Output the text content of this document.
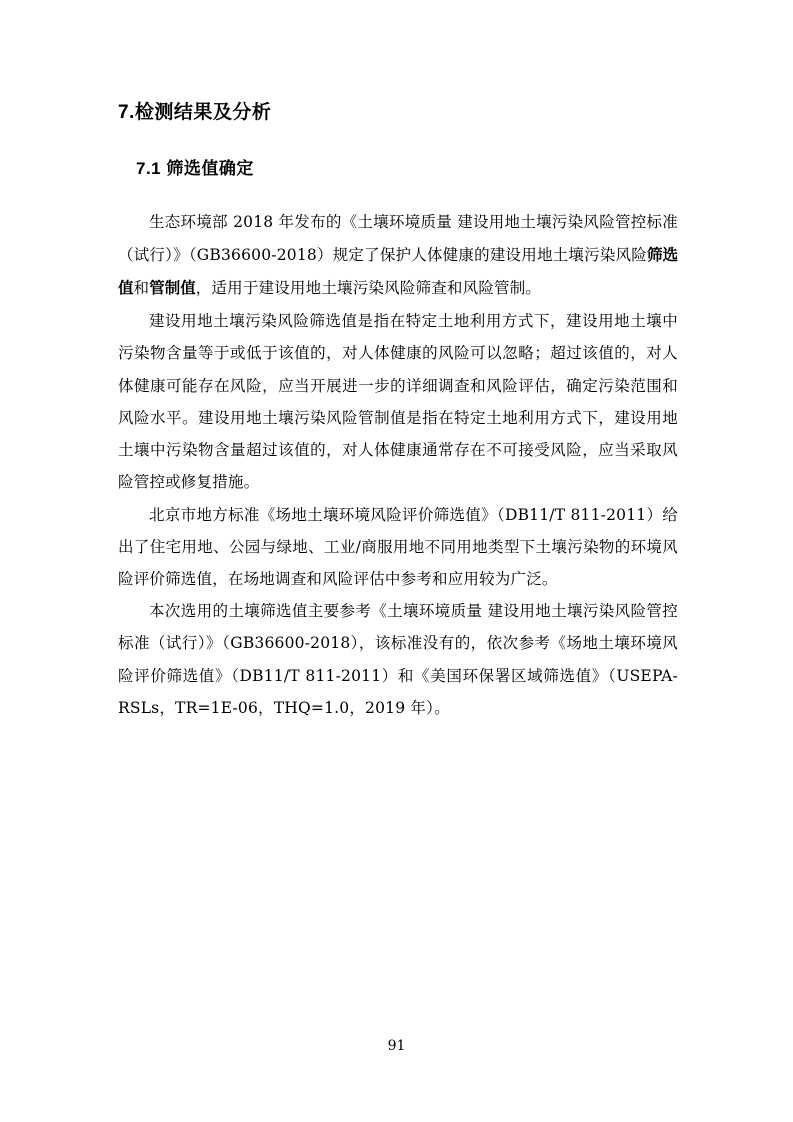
7.检测结果及分析
7.1 筛选值确定

生态环境部 2018 年发布的《土壤环境质量 建设用地土壤污染风险管控标准（试行）》（GB36600-2018）规定了保护人体健康的建设用地土壤污染风险筛选值和管制值，适用于建设用地土壤污染风险筛查和风险管制。

建设用地土壤污染风险筛选值是指在特定土地利用方式下，建设用地土壤中污染物含量等于或低于该值的，对人体健康的风险可以忽略；超过该值的，对人体健康可能存在风险，应当开展进一步的详细调查和风险评估，确定污染范围和风险水平。建设用地土壤污染风险管制值是指在特定土地利用方式下，建设用地土壤中污染物含量超过该值的，对人体健康通常存在不可接受风险，应当采取风险管控或修复措施。

北京市地方标准《场地土壤环境风险评价筛选值》（DB11/T 811-2011）给出了住宅用地、公园与绿地、工业/商服用地不同用地类型下土壤污染物的环境风险评价筛选值，在场地调查和风险评估中参考和应用较为广泛。

本次选用的土壤筛选值主要参考《土壤环境质量 建设用地土壤污染风险管控标准（试行）》（GB36600-2018），该标准没有的，依次参考《场地土壤环境风险评价筛选值》（DB11/T 811-2011）和《美国环保署区域筛选值》（USEPA-RSLs，TR=1E-06，THQ=1.0，2019 年）。

91
